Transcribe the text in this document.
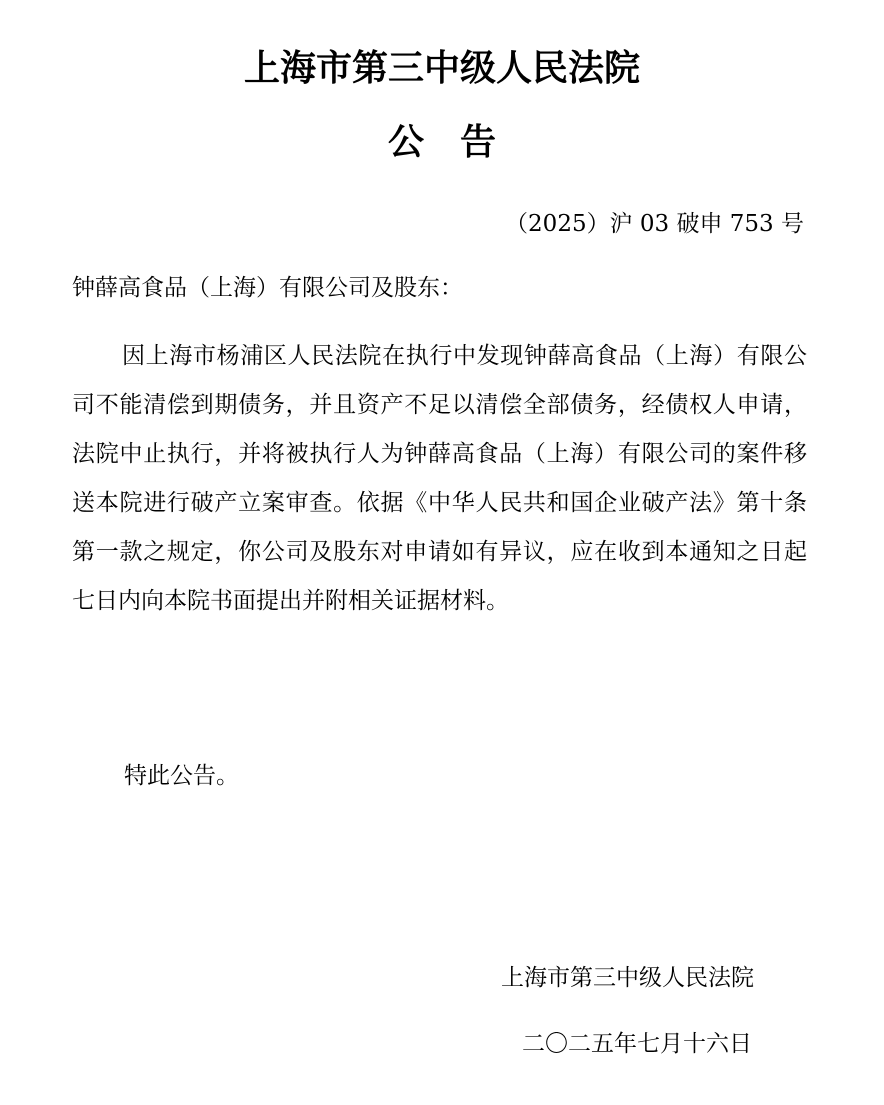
上海市第三中级人民法院
公告
（2025）沪 03 破申 753 号
钟薛高食品（上海）有限公司及股东：

因上海市杨浦区人民法院在执行中发现钟薛高食品（上海）有限公司不能清偿到期债务，并且资产不足以清偿全部债务，经债权人申请，法院中止执行，并将被执行人为钟薛高食品（上海）有限公司的案件移送本院进行破产立案审查。依据《中华人民共和国企业破产法》第十条第一款之规定，你公司及股东对申请如有异议，应在收到本通知之日起七日内向本院书面提出并附相关证据材料。

特此公告。
上海市第三中级人民法院
二〇二五年七月十六日
